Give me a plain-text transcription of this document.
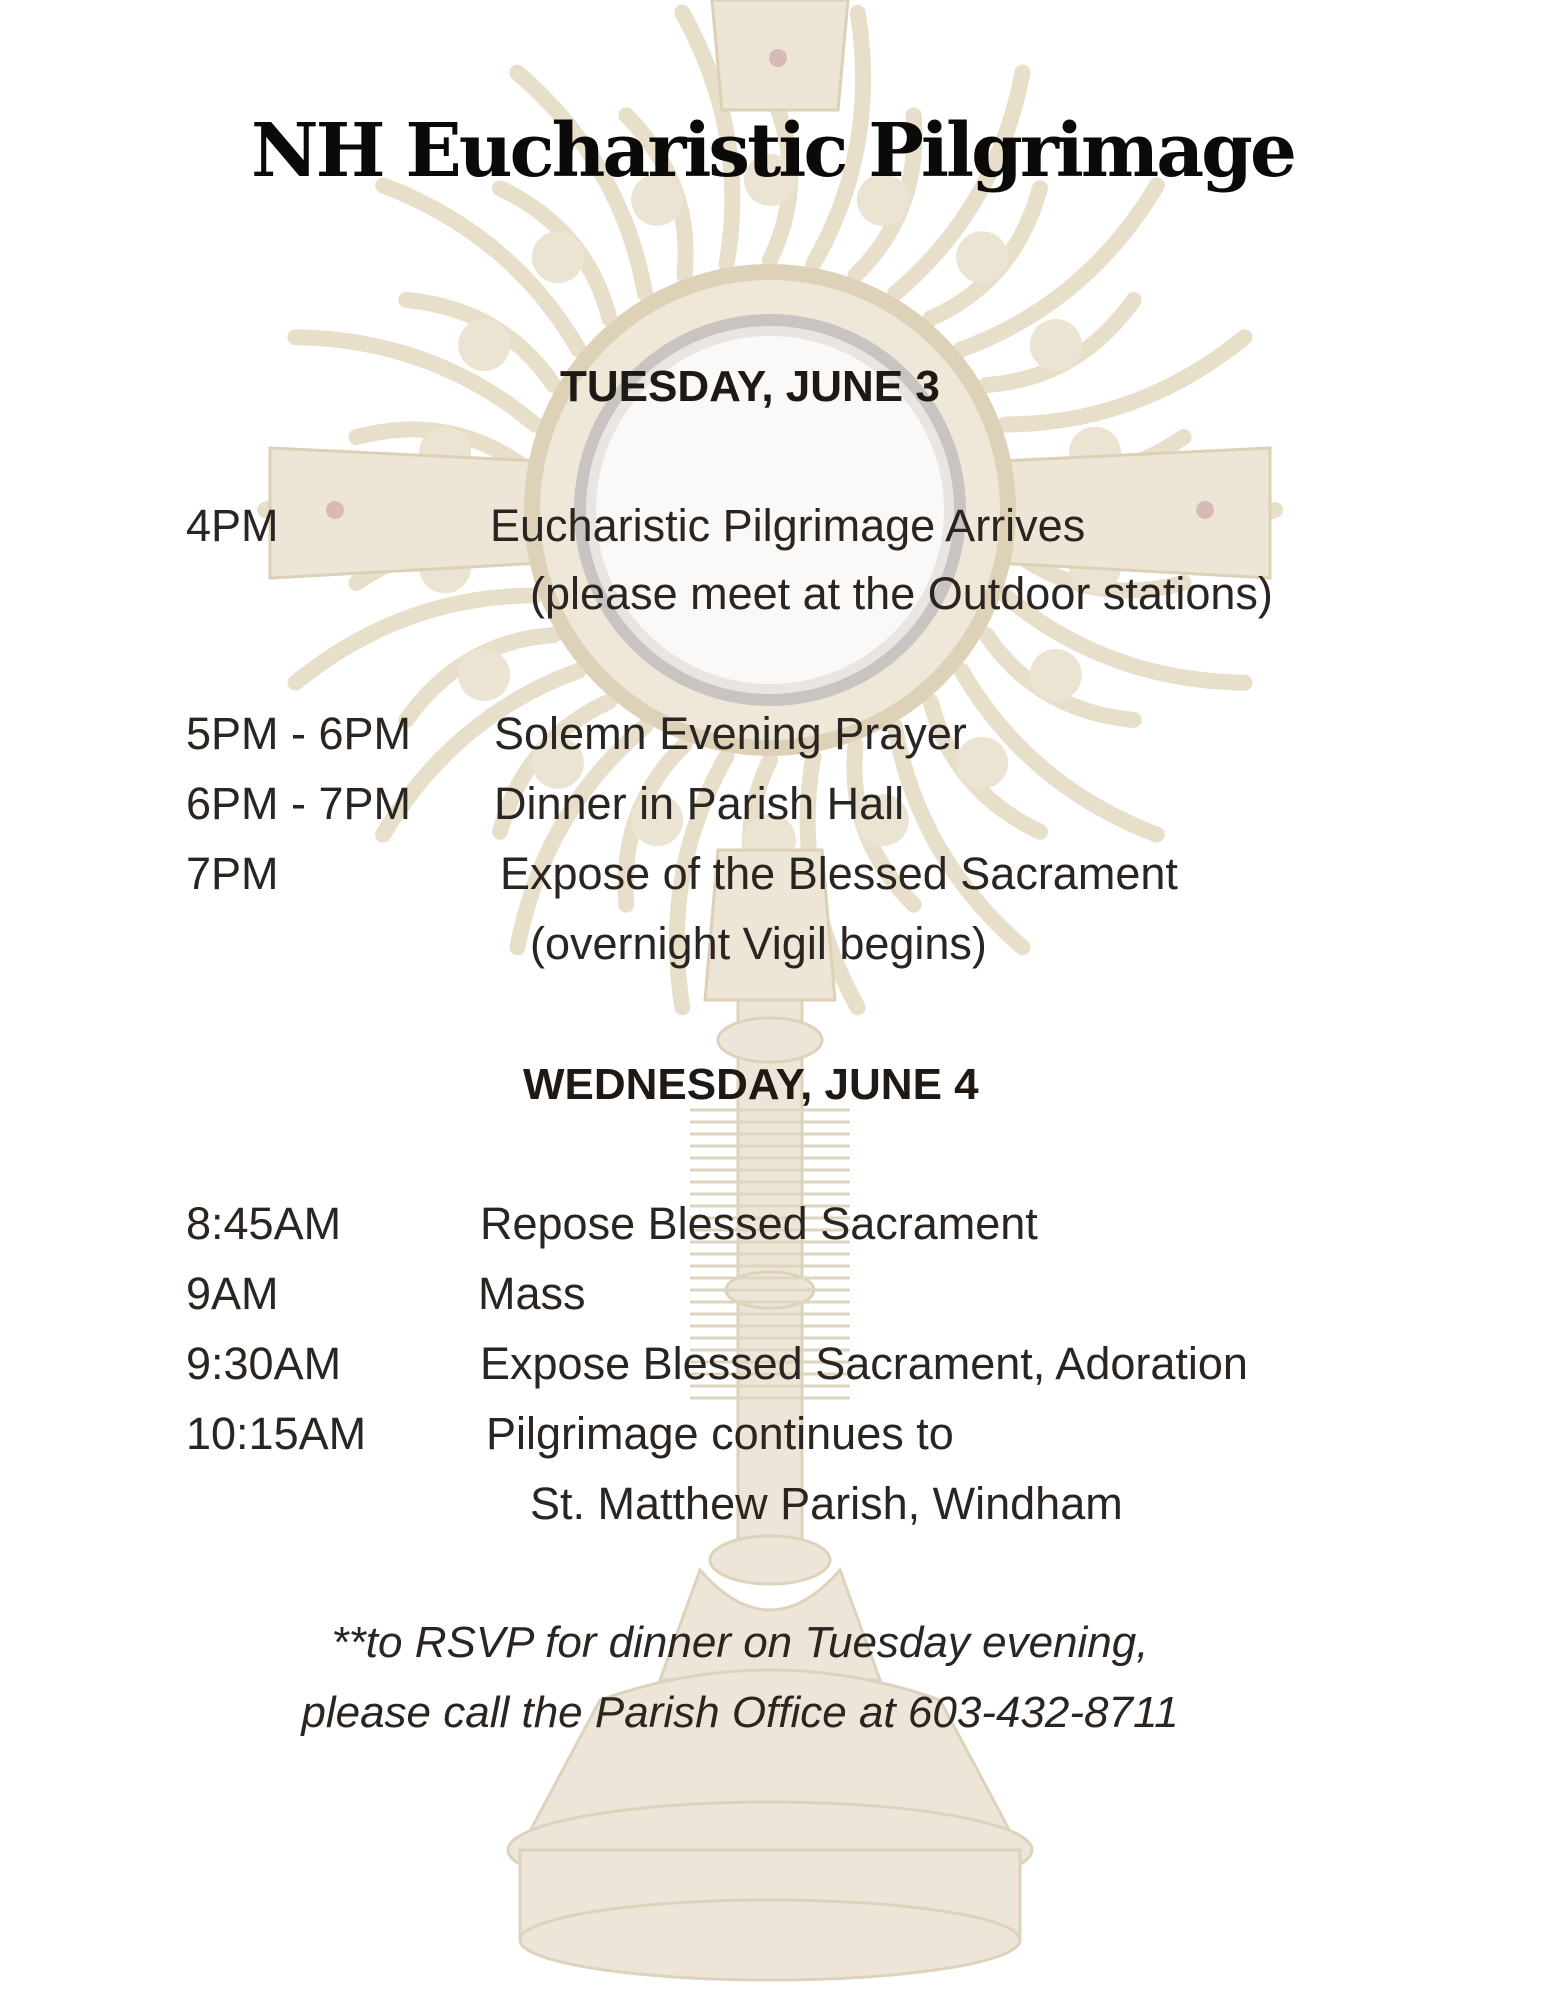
NH Eucharistic Pilgrimage
TUESDAY, JUNE 3
4PM	Eucharistic Pilgrimage Arrives
(please meet at the Outdoor stations)
5PM - 6PM Solemn Evening Prayer
6PM - 7PM Dinner in Parish Hall
7PM	Expose of the Blessed Sacrament
(overnight Vigil begins)
WEDNESDAY, JUNE 4
8:45AM	Repose Blessed Sacrament
9AM	Mass
9:30AM	Expose Blessed Sacrament, Adoration
10:15AM	Pilgrimage continues to
St. Matthew Parish, Windham
**to RSVP for dinner on Tuesday evening,
please call the Parish Office at 603-432-8711
